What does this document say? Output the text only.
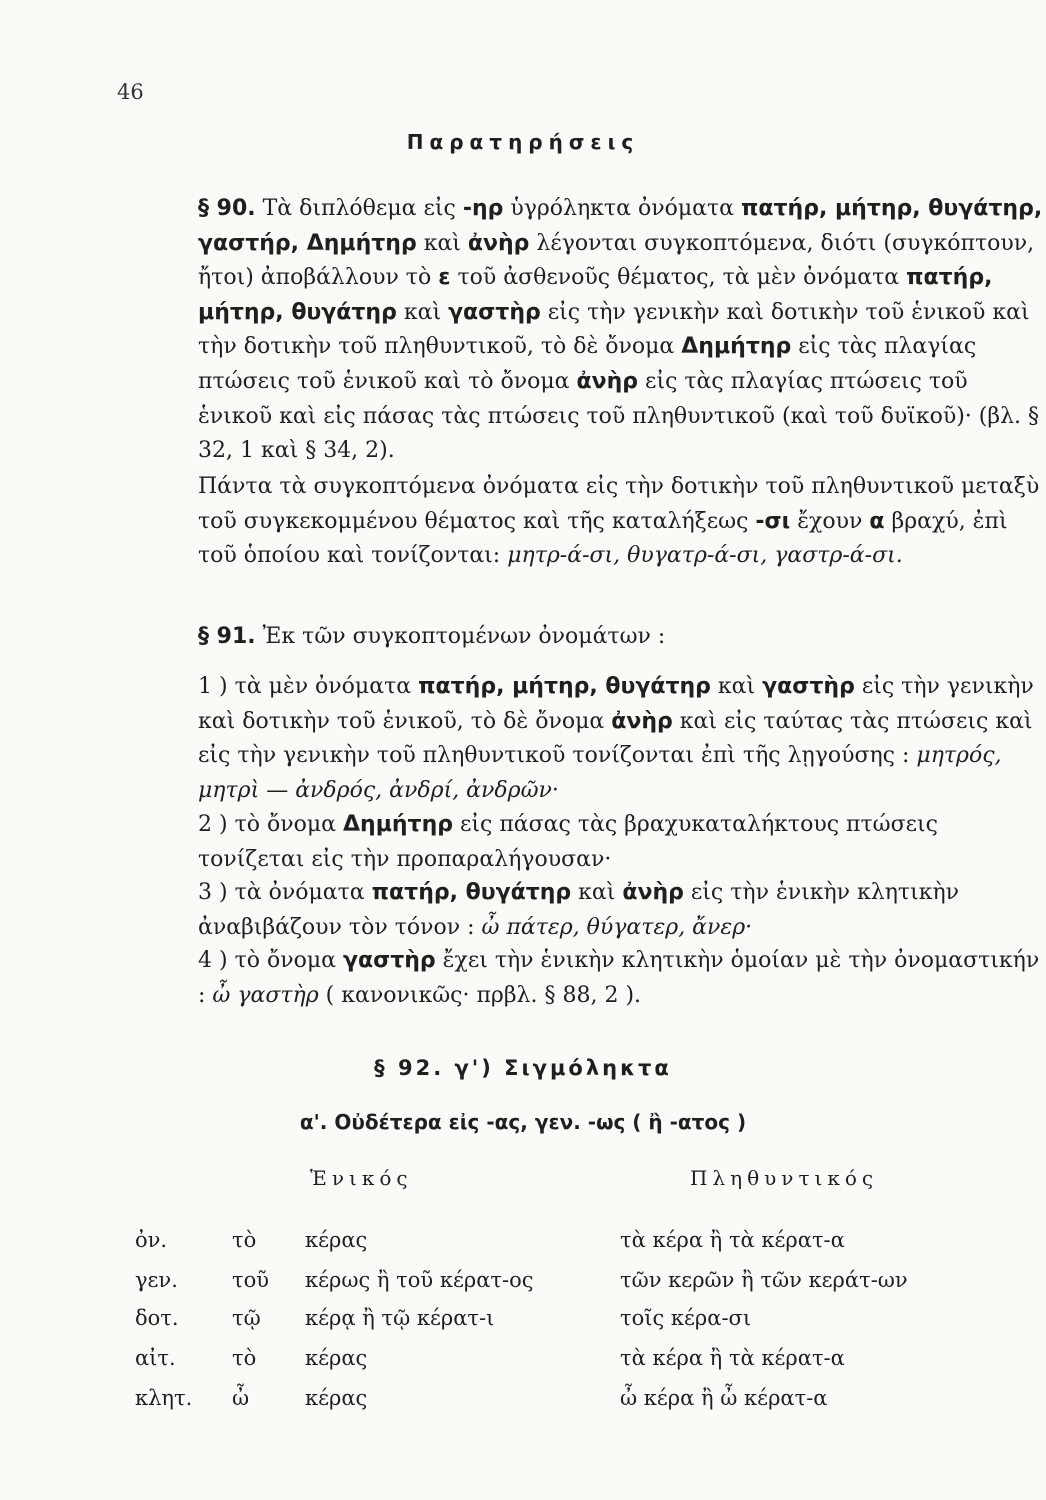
46
Παρατηρήσεις

§ 90. Τὰ διπλόθεμα εἰς -ηρ ὑγρόληκτα ὀνόματα πατήρ, μήτηρ, θυγάτηρ, γαστήρ, Δημήτηρ καὶ ἀνὴρ λέγονται συγκοπτόμενα, διότι (συγκόπτουν, ἤτοι) ἀποβάλλουν τὸ ε τοῦ ἀσθενοῦς θέματος, τὰ μὲν ὀνόματα πατήρ, μήτηρ, θυγάτηρ καὶ γαστὴρ εἰς τὴν γενικὴν καὶ δοτικὴν τοῦ ἑνικοῦ καὶ τὴν δοτικὴν τοῦ πληθυντικοῦ, τὸ δὲ ὄνομα Δημήτηρ εἰς τὰς πλαγίας πτώσεις τοῦ ἑνικοῦ καὶ τὸ ὄνομα ἀνὴρ εἰς τὰς πλαγίας πτώσεις τοῦ ἑνικοῦ καὶ εἰς πάσας τὰς πτώσεις τοῦ πληθυντικοῦ (καὶ τοῦ δυϊκοῦ)· (βλ. § 32, 1 καὶ § 34, 2).

Πάντα τὰ συγκοπτόμενα ὀνόματα εἰς τὴν δοτικὴν τοῦ πληθυντικοῦ μεταξὺ τοῦ συγκεκομμένου θέματος καὶ τῆς καταλήξεως -σι ἔχουν α βραχύ, ἐπὶ τοῦ ὁποίου καὶ τονίζονται: μητρ-ά-σι, θυγατρ-ά-σι, γαστρ-ά-σι.

§ 91. Ἐκ τῶν συγκοπτομένων ὀνομάτων :

1 ) τὰ μὲν ὀνόματα πατήρ, μήτηρ, θυγάτηρ καὶ γαστὴρ εἰς τὴν γενικὴν καὶ δοτικὴν τοῦ ἑνικοῦ, τὸ δὲ ὄνομα ἀνὴρ καὶ εἰς ταύτας τὰς πτώσεις καὶ εἰς τὴν γενικὴν τοῦ πληθυντικοῦ τονίζονται ἐπὶ τῆς λῃγούσης : μητρός, μητρὶ — ἀνδρός, ἀνδρί, ἀνδρῶν·

2 ) τὸ ὄνομα Δημήτηρ εἰς πάσας τὰς βραχυκαταλήκτους πτώσεις τονίζεται εἰς τὴν προπαραλήγουσαν·

3 ) τὰ ὀνόματα πατήρ, θυγάτηρ καὶ ἀνὴρ εἰς τὴν ἑνικὴν κλητικὴν ἀναβιβάζουν τὸν τόνον : ὦ πάτερ, θύγατερ, ἄνερ·

4 ) τὸ ὄνομα γαστὴρ ἔχει τὴν ἑνικὴν κλητικὴν ὁμοίαν μὲ τὴν ὀνομαστικήν : ὦ γαστὴρ ( κανονικῶς· πρβλ. § 88, 2 ).

§ 92. γ') Σιγμόληκτα
α'. Οὐδέτερα εἰς -ας, γεν. -ως ( ἢ -ατος )
Ἑνικός	Πληθυντικός
ὀν.	τὸ κέρας	τὰ κέρα ἢ τὰ κέρατ-α
γεν.	τοῦ κέρως ἢ τοῦ κέρατ-ος	τῶν κερῶν ἢ τῶν κεράτ-ων
δοτ.	τῷ κέρᾳ ἢ τῷ κέρατ-ι	τοῖς κέρα-σι
αἰτ.	τὸ κέρας	τὰ κέρα ἢ τὰ κέρατ-α
κλητ. ὦ	κέρας	ὦ κέρα ἢ ὦ κέρατ-α
